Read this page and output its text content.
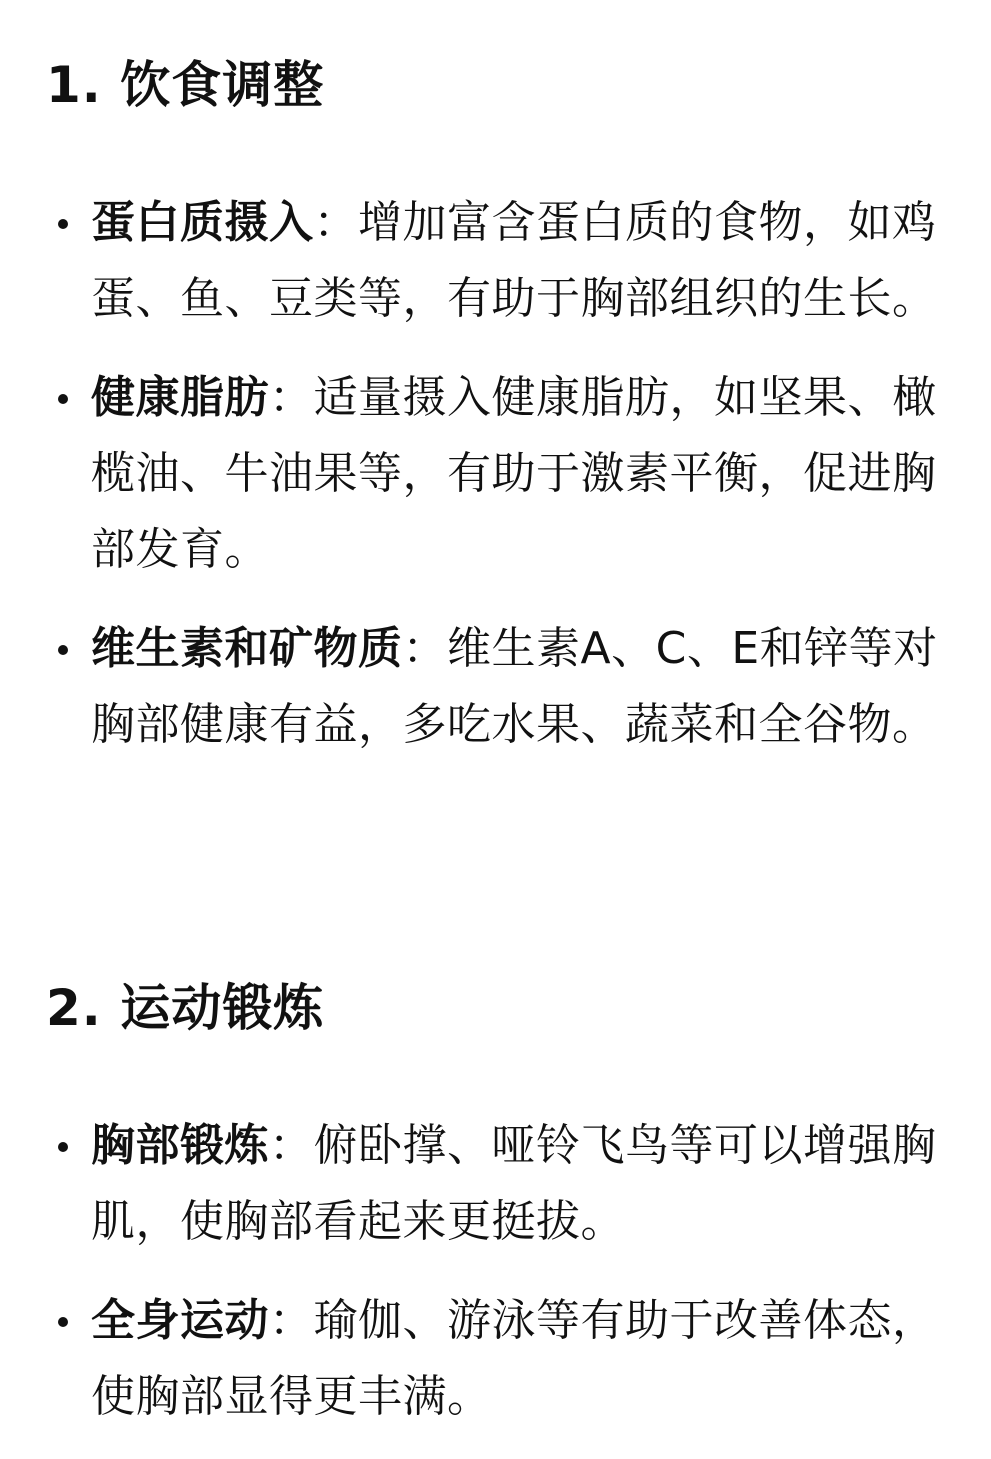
1. 饮食调整
蛋白质摄入：增加富含蛋白质的食物，如鸡蛋、鱼、豆类等，有助于胸部组织的生长。
健康脂肪：适量摄入健康脂肪，如坚果、橄榄油、牛油果等，有助于激素平衡，促进胸部发育。
维生素和矿物质：维生素A、C、E和锌等对胸部健康有益，多吃水果、蔬菜和全谷物。
2. 运动锻炼
胸部锻炼：俯卧撑、哑铃飞鸟等可以增强胸肌，使胸部看起来更挺拔。
全身运动：瑜伽、游泳等有助于改善体态，使胸部显得更丰满。
